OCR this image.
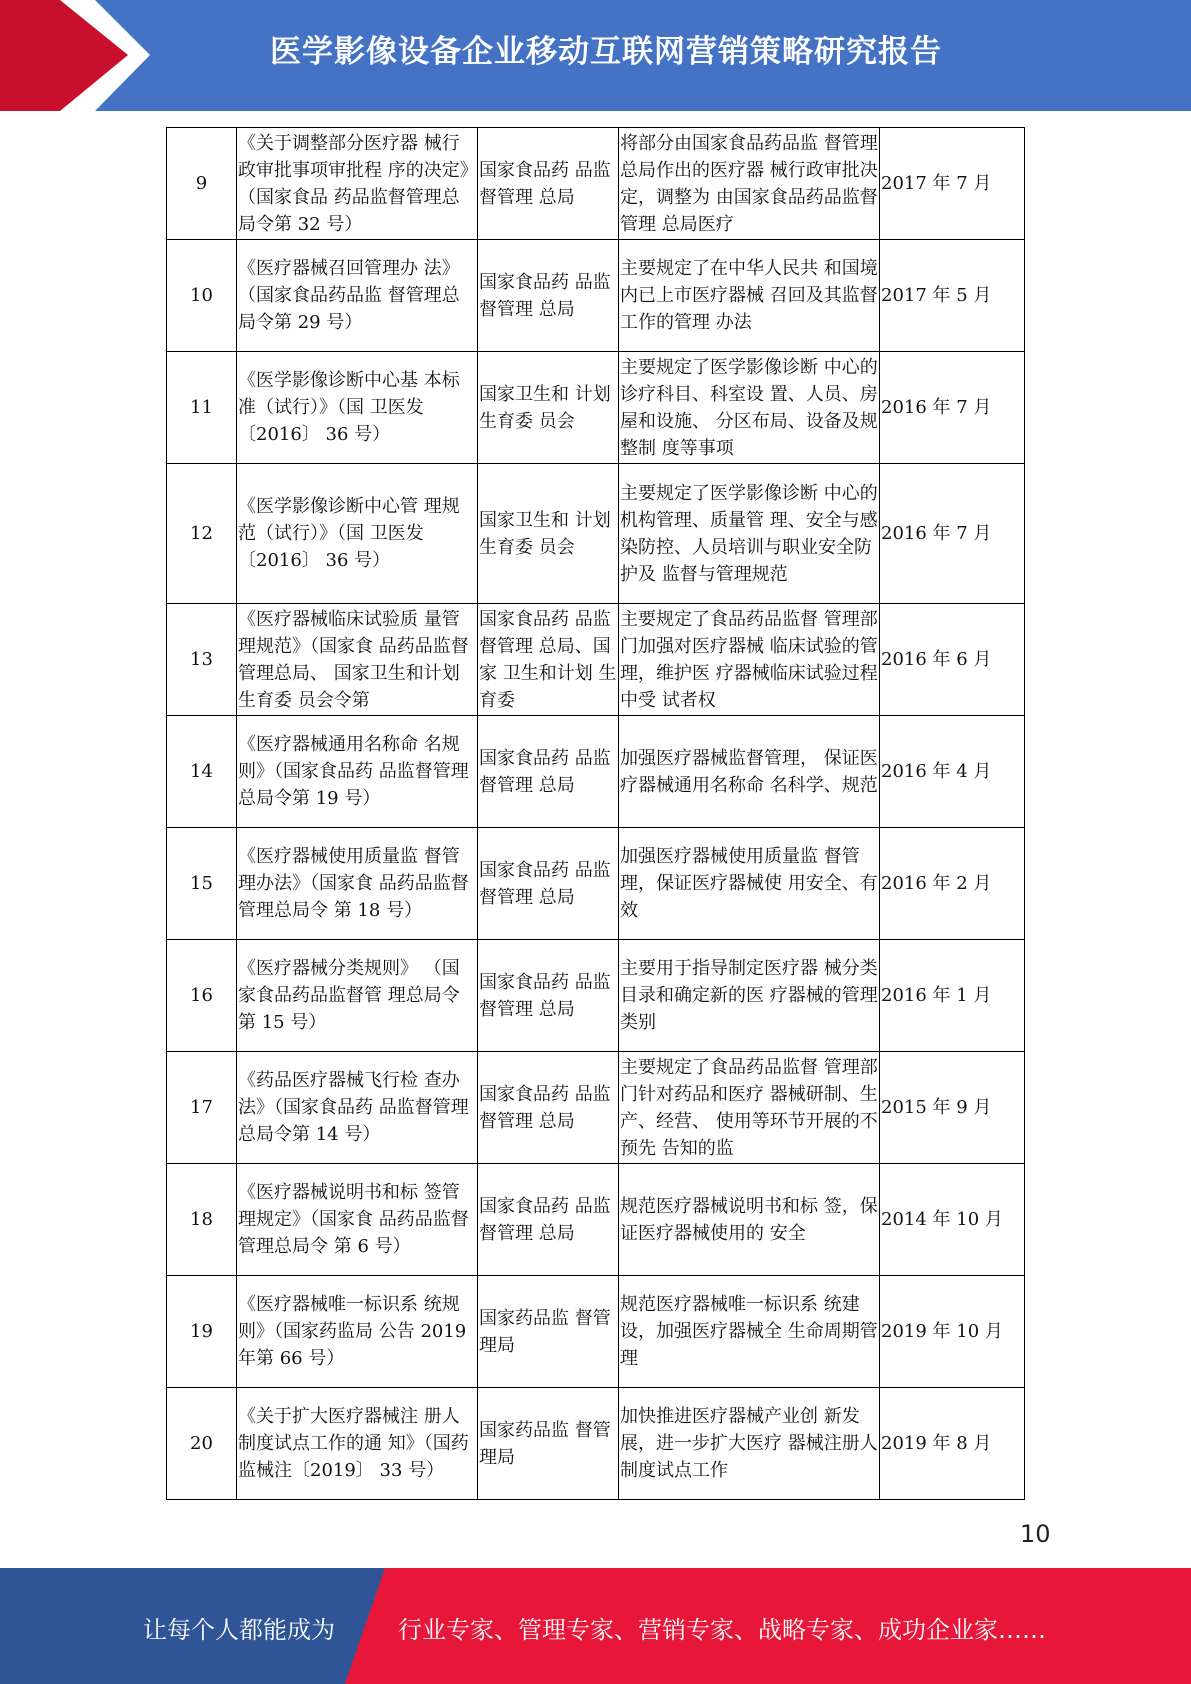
医学影像设备企业移动互联网营销策略研究报告
9	《关于调整部分医疗器 械行政审批事项审批程 序的决定》（国家食品 药品监督管理总局令第 32 号）	国家食品药 品监督管理 总局	将部分由国家食品药品监 督管理总局作出的医疗器 械行政审批决定，调整为 由国家食品药品监督管理 总局医疗	2017 年 7 月

10	《医疗器械召回管理办 法》（国家食品药品监 督管理总局令第 29 号）	国家食品药 品监督管理 总局	主要规定了在中华人民共 和国境内已上市医疗器械 召回及其监督工作的管理 办法	2017 年 5 月

11	《医学影像诊断中心基 本标准（试行）》（国 卫医发〔2016〕 36 号）	国家卫生和 计划生育委 员会	主要规定了医学影像诊断 中心的诊疗科目、科室设 置、人员、房屋和设施、 分区布局、设备及规整制 度等事项	2016 年 7 月

12	《医学影像诊断中心管 理规范（试行）》（国 卫医发〔2016〕 36 号）	国家卫生和 计划生育委 员会	主要规定了医学影像诊断 中心的机构管理、质量管 理、安全与感染防控、人员培训与职业安全防护及 监督与管理规范	2016 年 7 月

13	《医疗器械临床试验质 量管理规范》（国家食 品药品监督管理总局、 国家卫生和计划生育委 员会令第	国家食品药 品监督管理 总局、国家 卫生和计划 生育委	主要规定了食品药品监督 管理部门加强对医疗器械 临床试验的管理，维护医 疗器械临床试验过程中受 试者权	2016 年 6 月

14	《医疗器械通用名称命 名规则》（国家食品药 品监督管理总局令第 19 号）	国家食品药 品监督管理 总局	加强医疗器械监督管理， 保证医疗器械通用名称命 名科学、规范	2016 年 4 月

15	《医疗器械使用质量监 督管理办法》（国家食 品药品监督管理总局令 第 18 号）	国家食品药 品监督管理 总局	加强医疗器械使用质量监 督管理，保证医疗器械使 用安全、有效	2016 年 2 月

16	《医疗器械分类规则》 （国家食品药品监督管 理总局令第 15 号）	国家食品药 品监督管理 总局	主要用于指导制定医疗器 械分类目录和确定新的医 疗器械的管理类别	2016 年 1 月

17	《药品医疗器械飞行检 查办法》（国家食品药 品监督管理总局令第 14 号）	国家食品药 品监督管理 总局	主要规定了食品药品监督 管理部门针对药品和医疗 器械研制、生产、经营、 使用等环节开展的不预先 告知的监	2015 年 9 月

18	《医疗器械说明书和标 签管理规定》（国家食 品药品监督管理总局令 第 6 号）	国家食品药 品监督管理 总局	规范医疗器械说明书和标 签，保证医疗器械使用的 安全	2014 年 10 月

19	《医疗器械唯一标识系 统规则》（国家药监局 公告 2019 年第 66 号）	国家药品监 督管理局	规范医疗器械唯一标识系 统建设，加强医疗器械全 生命周期管理	2019 年 10 月

20	《关于扩大医疗器械注 册人制度试点工作的通 知》（国药监械注〔2019〕 33 号）	国家药品监 督管理局	加快推进医疗器械产业创 新发展，进一步扩大医疗 器械注册人制度试点工作	2019 年 8 月
10
让每个人都能成为	行业专家、管理专家、营销专家、战略专家、成功企业家……
